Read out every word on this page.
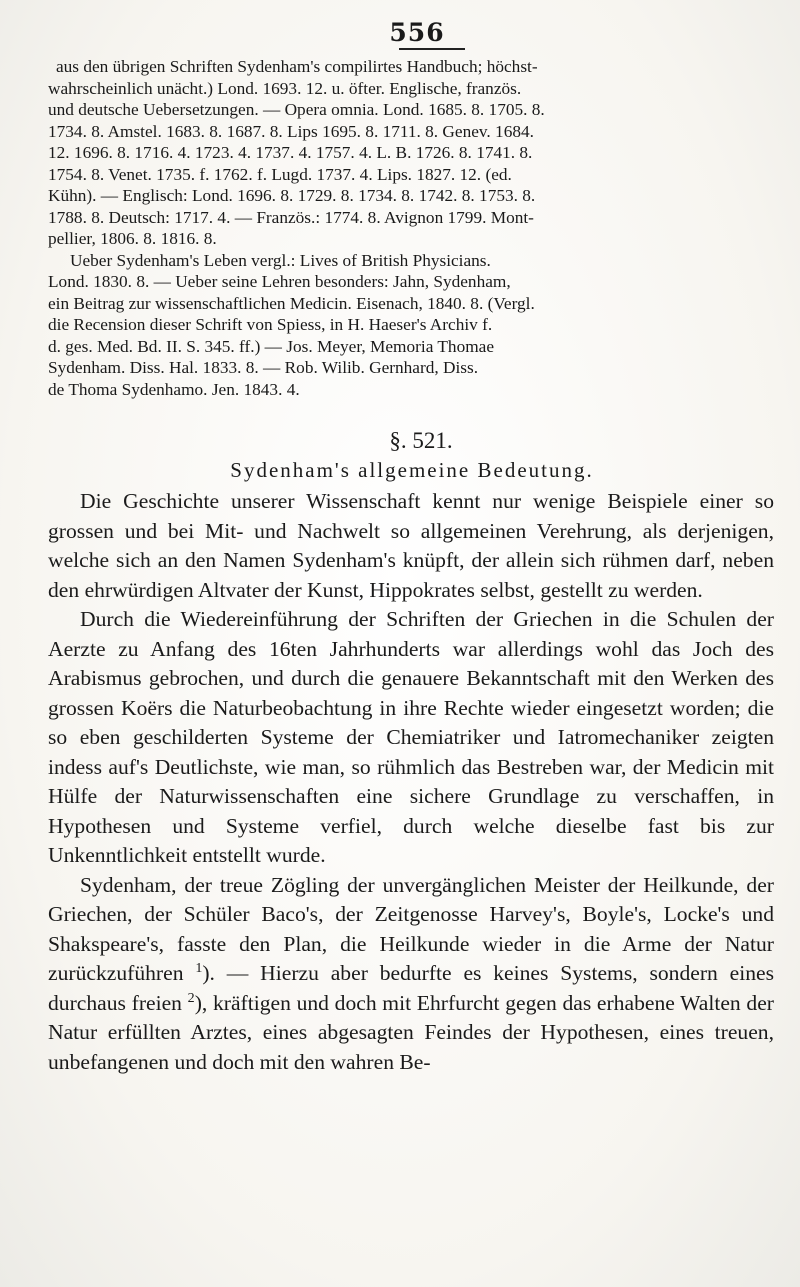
556
aus den übrigen Schriften Sydenham's compilirtes Handbuch; höchst-
wahrscheinlich unächt.) Lond. 1693. 12. u. öfter. Englische, französ.
und deutsche Uebersetzungen. — Opera omnia. Lond. 1685. 8. 1705. 8.
1734. 8. Amstel. 1683. 8. 1687. 8. Lips 1695. 8. 1711. 8. Genev. 1684.
12. 1696. 8. 1716. 4. 1723. 4. 1737. 4. 1757. 4. L. B. 1726. 8. 1741. 8.
1754. 8. Venet. 1735. f. 1762. f. Lugd. 1737. 4. Lips. 1827. 12. (ed.
Kühn). — Englisch: Lond. 1696. 8. 1729. 8. 1734. 8. 1742. 8. 1753. 8.
1788. 8. Deutsch: 1717. 4. — Französ.: 1774. 8. Avignon 1799. Mont-
pellier, 1806. 8. 1816. 8.
Ueber Sydenham's Leben vergl.: Lives of British Physicians.
Lond. 1830. 8. — Ueber seine Lehren besonders: Jahn, Sydenham,
ein Beitrag zur wissenschaftlichen Medicin. Eisenach, 1840. 8. (Vergl.
die Recension dieser Schrift von Spiess, in H. Haeser's Archiv f.
d. ges. Med. Bd. II. S. 345. ff.) — Jos. Meyer, Memoria Thomae
Sydenham. Diss. Hal. 1833. 8. — Rob. Wilib. Gernhard, Diss.
de Thoma Sydenhamo. Jen. 1843. 4.
§. 521.
Sydenham's allgemeine Bedeutung.

Die Geschichte unserer Wissenschaft kennt nur wenige Beispiele einer so grossen und bei Mit- und Nachwelt so allgemeinen Verehrung, als derjenigen, welche sich an den Namen Sydenham's knüpft, der allein sich rühmen darf, neben den ehrwürdigen Altvater der Kunst, Hippokrates selbst, gestellt zu werden.

Durch die Wiedereinführung der Schriften der Griechen in die Schulen der Aerzte zu Anfang des 16ten Jahrhunderts war allerdings wohl das Joch des Arabismus gebrochen, und durch die genauere Bekanntschaft mit den Werken des grossen Koërs die Naturbeobachtung in ihre Rechte wieder eingesetzt worden; die so eben geschilderten Systeme der Chemiatriker und Iatromechaniker zeigten indess auf's Deutlichste, wie man, so rühmlich das Bestreben war, der Medicin mit Hülfe der Naturwissenschaften eine sichere Grundlage zu verschaffen, in Hypothesen und Systeme verfiel, durch welche dieselbe fast bis zur Unkenntlichkeit entstellt wurde.

Sydenham, der treue Zögling der unvergänglichen Meister der Heilkunde, der Griechen, der Schüler Baco's, der Zeitgenosse Harvey's, Boyle's, Locke's und Shakspeare's, fasste den Plan, die Heilkunde wieder in die Arme der Natur zurückzuführen $^1$). — Hierzu aber bedurfte es keines Systems, sondern eines durchaus freien $^2$), kräftigen und doch mit Ehrfurcht gegen das erhabene Walten der Natur erfüllten Arztes, eines abgesagten Feindes der Hypothesen, eines treuen, unbefangenen und doch mit den wahren Be-
